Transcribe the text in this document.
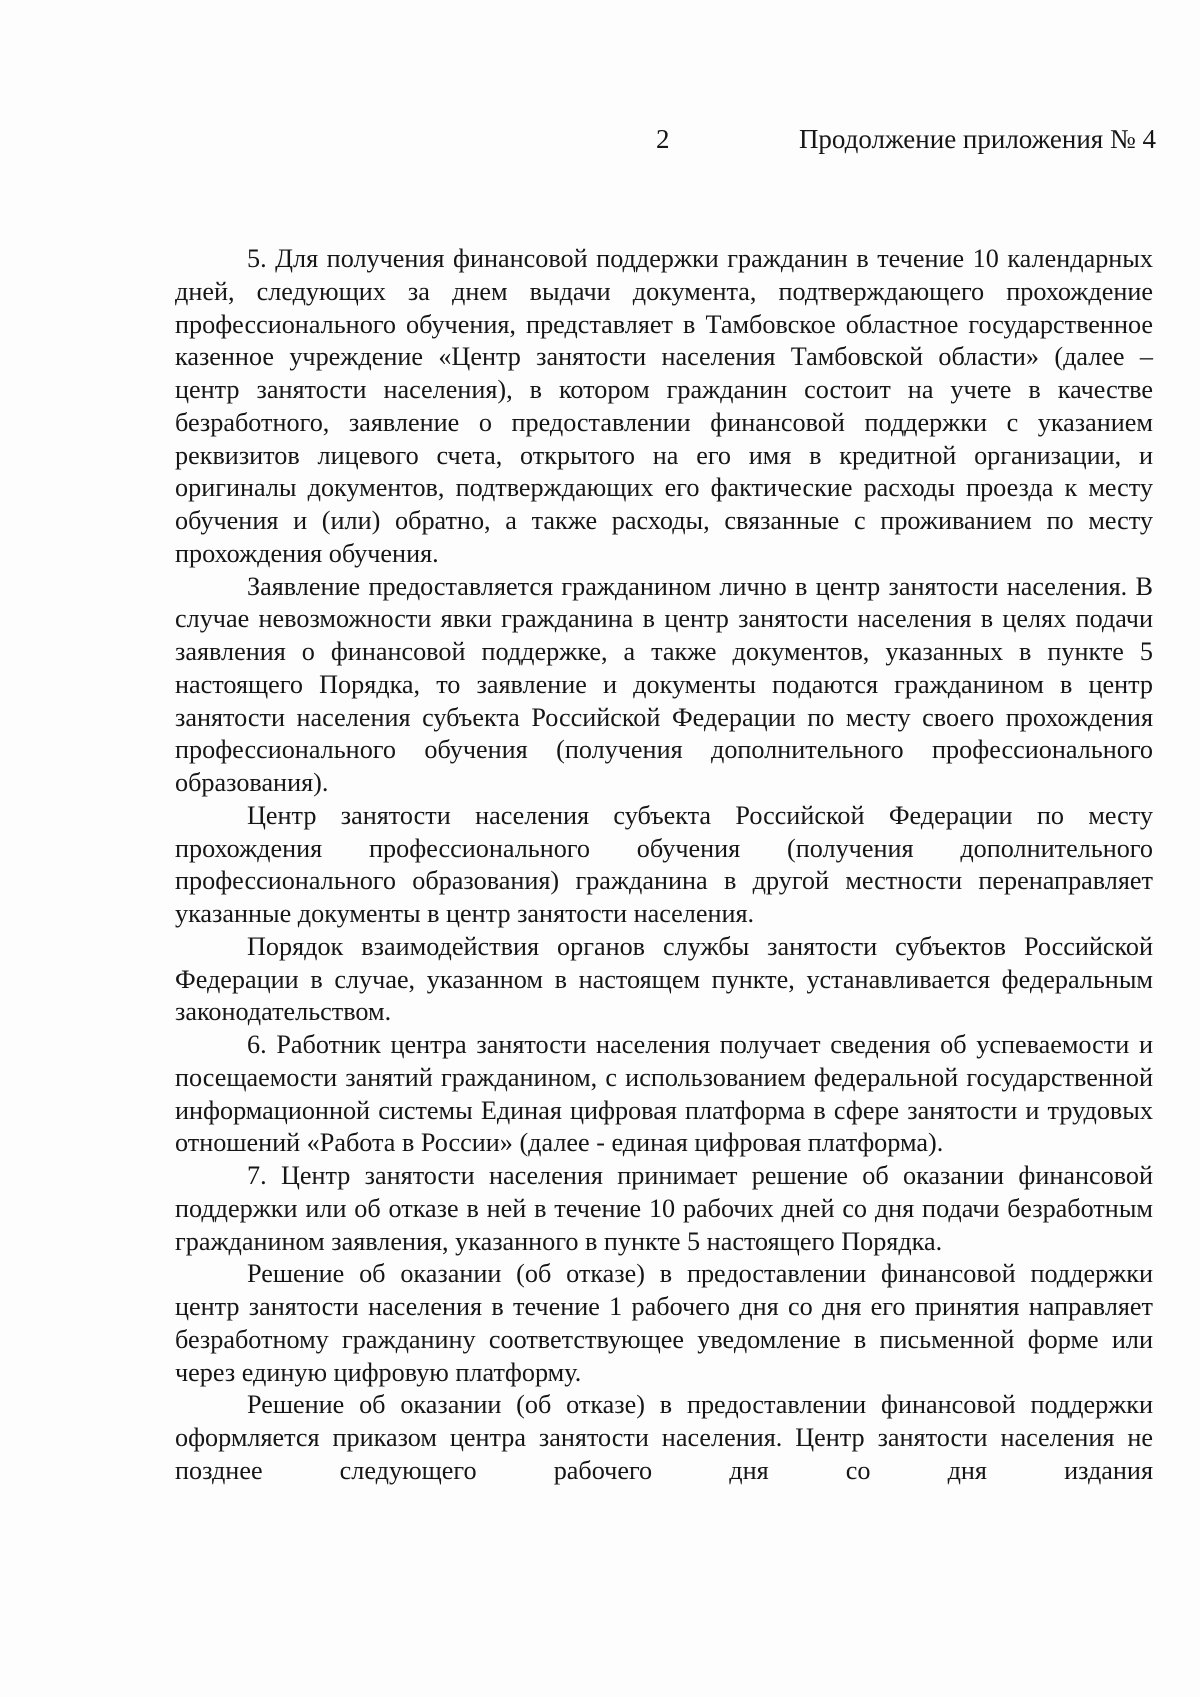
2	Продолжение приложения № 4

5. Для получения финансовой поддержки гражданин в течение 10 календарных дней, следующих за днем выдачи документа, подтверждающего прохождение профессионального обучения, представляет в Тамбовское областное государственное казенное учреждение «Центр занятости населения Тамбовской области» (далее – центр занятости населения), в котором гражданин состоит на учете в качестве безработного, заявление о предоставлении финансовой поддержки с указанием реквизитов лицевого счета, открытого на его имя в кредитной организации, и оригиналы документов, подтверждающих его фактические расходы проезда к месту обучения и (или) обратно, а также расходы, связанные с проживанием по месту прохождения обучения.

Заявление предоставляется гражданином лично в центр занятости населения. В случае невозможности явки гражданина в центр занятости населения в целях подачи заявления о финансовой поддержке, а также документов, указанных в пункте 5 настоящего Порядка, то заявление и документы подаются гражданином в центр занятости населения субъекта Российской Федерации по месту своего прохождения профессионального обучения (получения дополнительного профессионального образования).

Центр занятости населения субъекта Российской Федерации по месту прохождения профессионального обучения (получения дополнительного профессионального образования) гражданина в другой местности перенаправляет указанные документы в центр занятости населения.

Порядок взаимодействия органов службы занятости субъектов Российской Федерации в случае, указанном в настоящем пункте, устанавливается федеральным законодательством.

6. Работник центра занятости населения получает сведения об успеваемости и посещаемости занятий гражданином, с использованием федеральной государственной информационной системы Единая цифровая платформа в сфере занятости и трудовых отношений «Работа в России» (далее - единая цифровая платформа).

7. Центр занятости населения принимает решение об оказании финансовой поддержки или об отказе в ней в течение 10 рабочих дней со дня подачи безработным гражданином заявления, указанного в пункте 5 настоящего Порядка.

Решение об оказании (об отказе) в предоставлении финансовой поддержки центр занятости населения в течение 1 рабочего дня со дня его принятия направляет безработному гражданину соответствующее уведомление в письменной форме или через единую цифровую платформу.

Решение об оказании (об отказе) в предоставлении финансовой поддержки оформляется приказом центра занятости населения. Центр занятости населения не позднее следующего рабочего дня со дня издания
